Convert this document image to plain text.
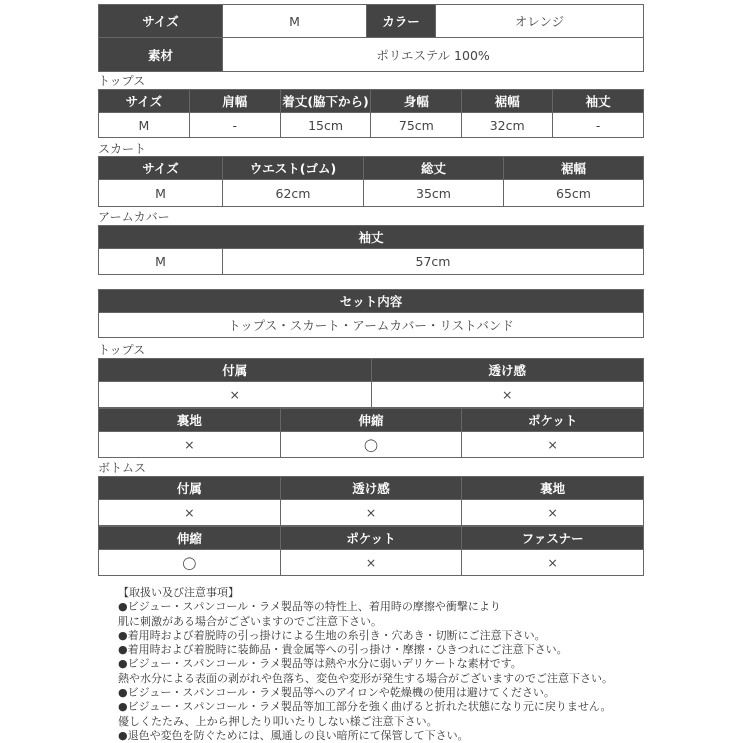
サイズ	M	カラー	オレンジ
素材	ポリエステル 100%		
トップス
サイズ	肩幅	着丈(脇下から)	身幅	裾幅	袖丈
M	-	15cm	75cm	32cm	-
スカート
サイズ	ウエスト(ゴム)	総丈	裾幅
M	62cm	35cm	65cm
アームカバー
袖丈
M	57cm
セット内容
トップス・スカート・アームカバー・リストバンド
トップス
付属	透け感
×	×
裏地	伸縮	ポケット
×	◯	×
ボトムス
付属	透け感	裏地
×	×	×
伸縮	ポケット	ファスナー
◯	×	×
【取扱い及び注意事項】
●ビジュー・スパンコール・ラメ製品等の特性上、着用時の摩擦や衝撃により
肌に刺激がある場合がございますのでご注意下さい。
●着用時および着脱時の引っ掛けによる生地の糸引き・穴あき・切断にご注意下さい。
●着用時および着脱時に装飾品・貴金属等への引っ掛け・摩擦・ひきつれにご注意下さい。
●ビジュー・スパンコール・ラメ製品等は熱や水分に弱いデリケートな素材です。
熱や水分による表面の剥がれや色落ち、変色や変形が発生する場合がございますのでご注意下さい。
●ビジュー・スパンコール・ラメ製品等へのアイロンや乾燥機の使用は避けてください。
●ビジュー・スパンコール・ラメ製品等加工部分を強く曲げると折れた状態になり元に戻りません。
優しくたたみ、上から押したり叩いたりしない様ご注意下さい。
●退色や変色を防ぐためには、風通しの良い暗所にて保管して下さい。
